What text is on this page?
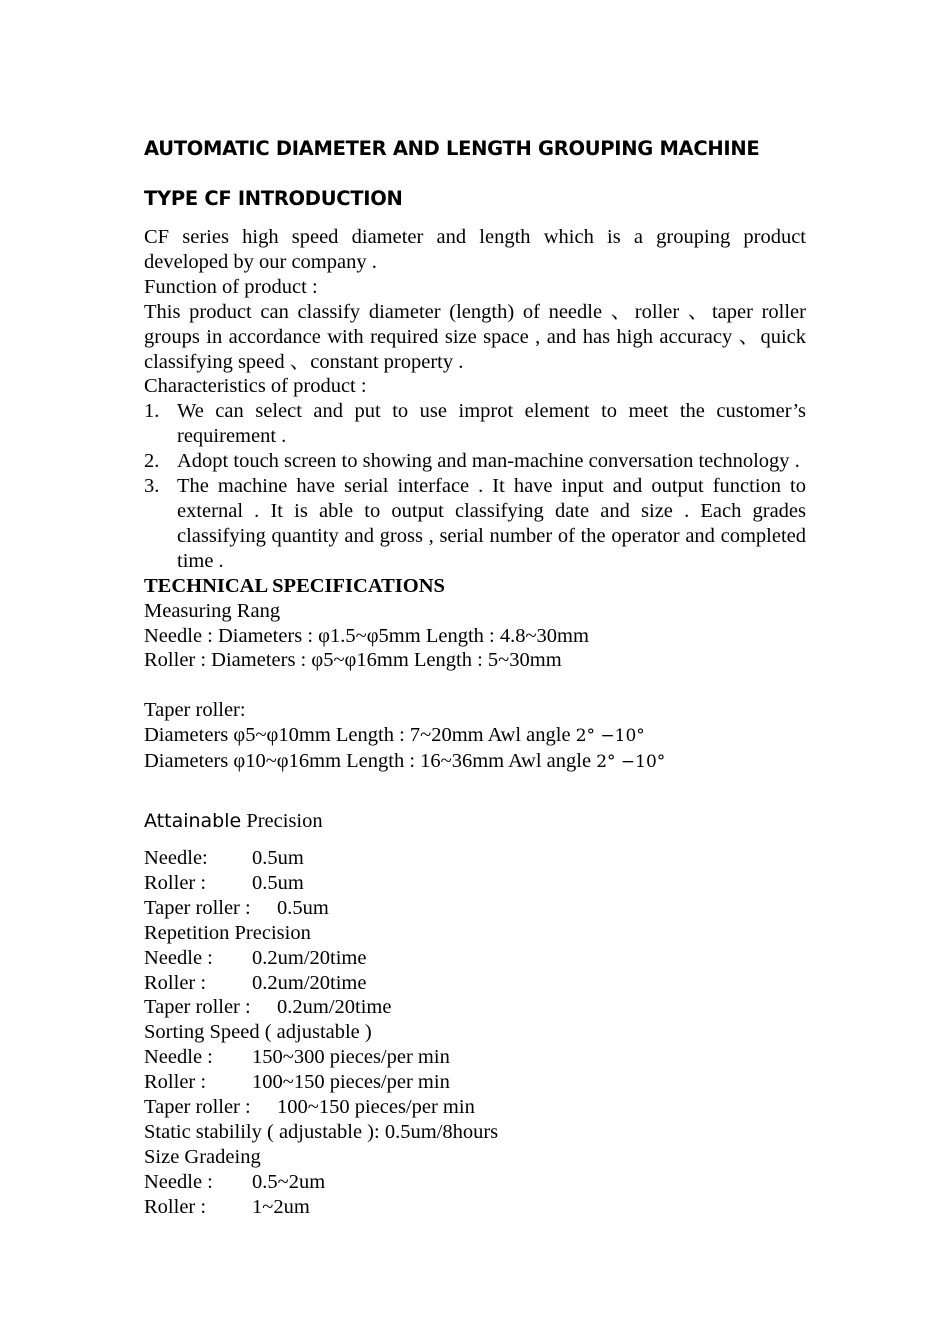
AUTOMATIC DIAMETER AND LENGTH GROUPING MACHINE
TYPE CF INTRODUCTION
CF series high speed diameter and length which is a grouping product developed by our company .
Function of product :
This product can classify diameter (length) of needle 、roller 、taper roller groups in accordance with required size space , and has high accuracy 、quick classifying speed 、constant property .
Characteristics of product :
1. We can select and put to use improt element to meet the customer’s requirement .
2. Adopt touch screen to showing and man-machine conversation technology .
3. The machine have serial interface . It have input and output function to external . It is able to output classifying date and size . Each grades classifying quantity and gross , serial number of the operator and completed time .
TECHNICAL SPECIFICATIONS
Measuring Rang
Needle : Diameters : φ1.5~φ5mm Length : 4.8~30mm
Roller : Diameters : φ5~φ16mm Length : 5~30mm
Taper roller:
Diameters φ5~φ10mm Length : 7~20mm Awl angle 2° −10°
Diameters φ10~φ16mm Length : 16~36mm Awl angle 2° −10°
Attainable Precision
Needle: 0.5um
Roller : 0.5um
Taper roller : 0.5um
Repetition Precision
Needle : 0.2um/20time
Roller : 0.2um/20time
Taper roller : 0.2um/20time
Sorting Speed ( adjustable )
Needle : 150~300 pieces/per min
Roller : 100~150 pieces/per min
Taper roller : 100~150 pieces/per min
Static stabilily ( adjustable ): 0.5um/8hours
Size Gradeing
Needle : 0.5~2um
Roller : 1~2um
